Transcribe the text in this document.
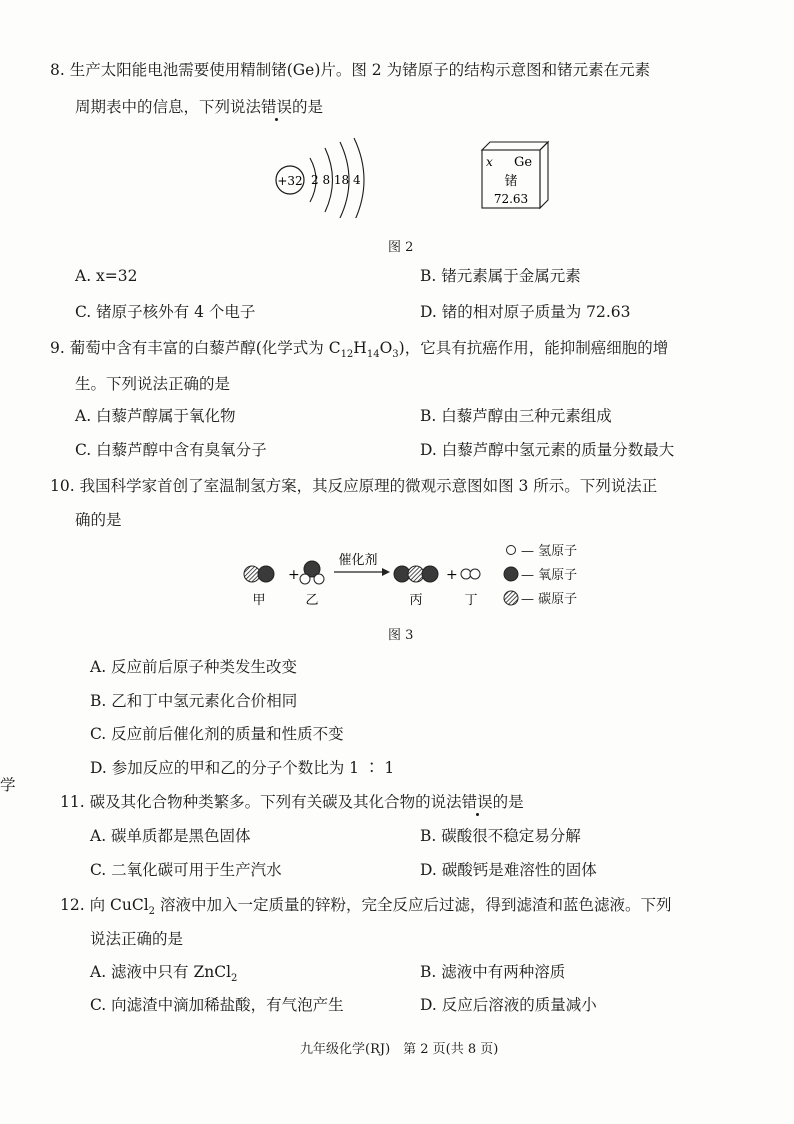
8. 生产太阳能电池需要使用精制锗(Ge)片。图 2 为锗原子的结构示意图和锗元素在元素
周期表中的信息，下列说法错误的是
+32 2 8 18 4
x Ge
锗
72.63
图 2
A. x=32	B. 锗元素属于金属元素
C. 锗原子核外有 4 个电子	D. 锗的相对原子质量为 72.63
9. 葡萄中含有丰富的白藜芦醇(化学式为 $C_{12}H_{14}O_3$)，它具有抗癌作用，能抑制癌细胞的增
生。下列说法正确的是
A. 白藜芦醇属于氧化物	B. 白藜芦醇由三种元素组成
C. 白藜芦醇中含有臭氧分子	D. 白藜芦醇中氢元素的质量分数最大
10. 我国科学家首创了室温制氢方案，其反应原理的微观示意图如图 3 所示。下列说法正
确的是
+
催化剂
+
甲	乙	丙	丁
— 氢原子
— 氧原子
— 碳原子
图 3
A. 反应前后原子种类发生改变
B. 乙和丁中氢元素化合价相同
C. 反应前后催化剂的质量和性质不变
D. 参加反应的甲和乙的分子个数比为 1 ∶ 1
学
11. 碳及其化合物种类繁多。下列有关碳及其化合物的说法错误的是
A. 碳单质都是黑色固体	B. 碳酸很不稳定易分解
C. 二氧化碳可用于生产汽水	D. 碳酸钙是难溶性的固体
12. 向 CuCl$_2$ 溶液中加入一定质量的锌粉，完全反应后过滤，得到滤渣和蓝色滤液。下列
说法正确的是
A. 滤液中只有 ZnCl$_2$	B. 滤液中有两种溶质
C. 向滤渣中滴加稀盐酸，有气泡产生	D. 反应后溶液的质量减小
九年级化学(RJ)　第 2 页(共 8 页)
